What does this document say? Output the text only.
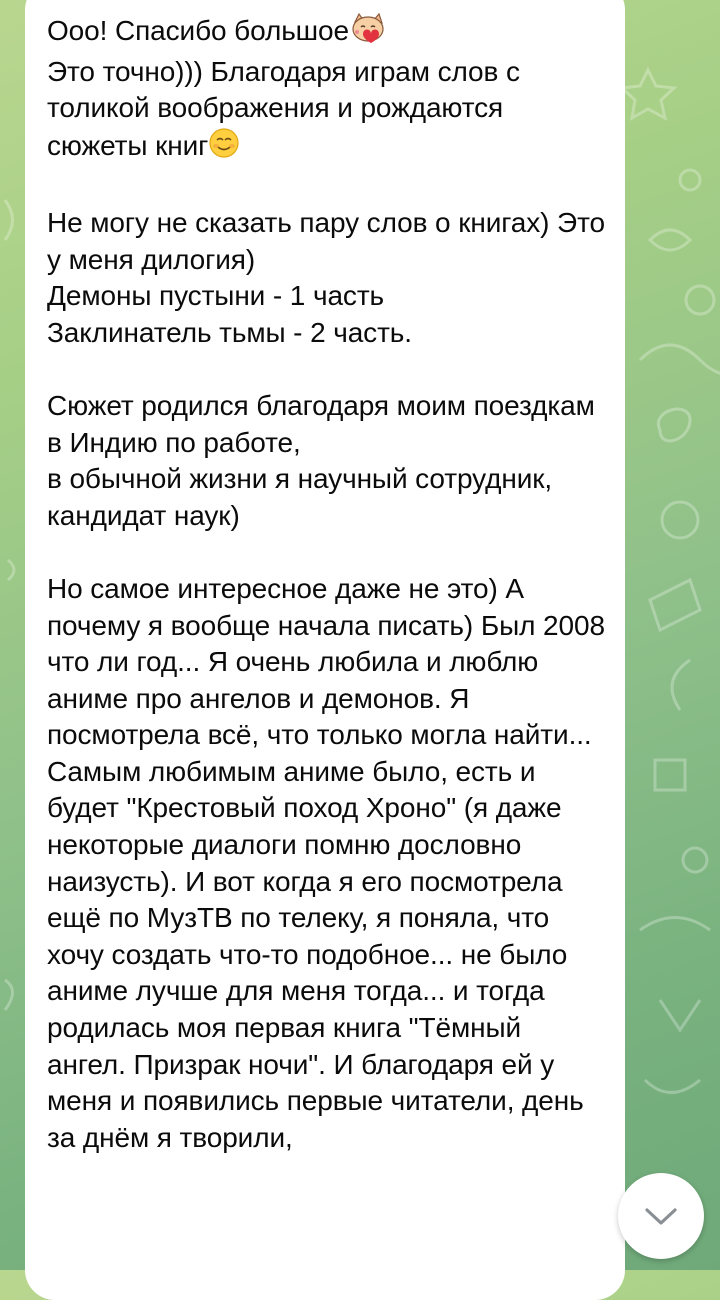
Ооо! Спасибо большое
Это точно))) Благодаря играм слов с толикой воображения и рождаются сюжеты книг

Не могу не сказать пару слов о книгах) Это у меня дилогия)
Демоны пустыни - 1 часть
Заклинатель тьмы - 2 часть.

Сюжет родился благодаря моим поездкам в Индию по работе,
в обычной жизни я научный сотрудник, кандидат наук)

Но самое интересное даже не это) А почему я вообще начала писать) Был 2008 что ли год... Я очень любила и люблю аниме про ангелов и демонов. Я посмотрела всё, что только могла найти...
Самым любимым аниме было, есть и будет "Крестовый поход Хроно" (я даже некоторые диалоги помню дословно наизусть). И вот когда я его посмотрела ещё по МузТВ по телеку, я поняла, что хочу создать что-то подобное... не было аниме лучше для меня тогда... и тогда родилась моя первая книга "Тёмный ангел. Призрак ночи". И благодаря ей у меня и появились первые читатели, день за днём я творили,
